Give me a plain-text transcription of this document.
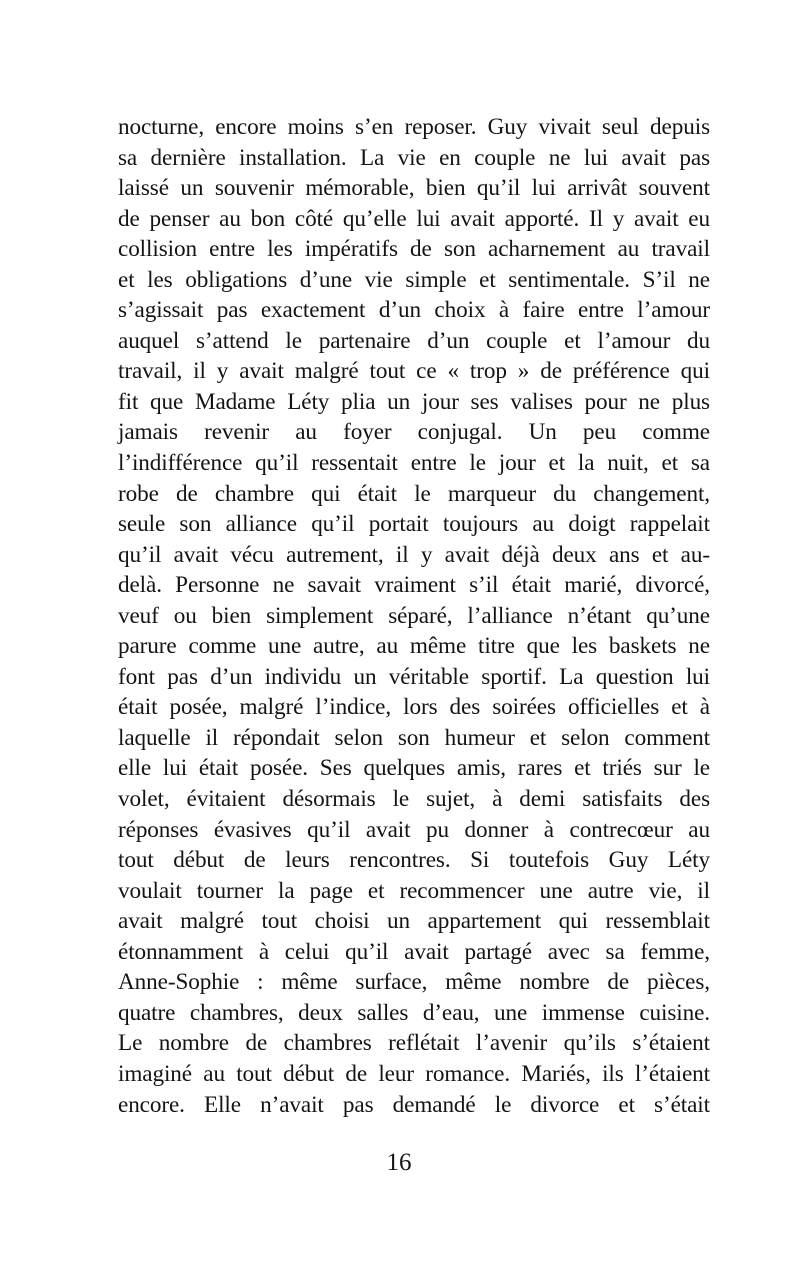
nocturne, encore moins s’en reposer. Guy vivait seul depuis
sa dernière installation. La vie en couple ne lui avait pas
laissé un souvenir mémorable, bien qu’il lui arrivât souvent
de penser au bon côté qu’elle lui avait apporté. Il y avait eu
collision entre les impératifs de son acharnement au travail
et les obligations d’une vie simple et sentimentale. S’il ne
s’agissait pas exactement d’un choix à faire entre l’amour
auquel s’attend le partenaire d’un couple et l’amour du
travail, il y avait malgré tout ce « trop » de préférence qui
fit que Madame Léty plia un jour ses valises pour ne plus
jamais revenir au foyer conjugal. Un peu comme
l’indifférence qu’il ressentait entre le jour et la nuit, et sa
robe de chambre qui était le marqueur du changement,
seule son alliance qu’il portait toujours au doigt rappelait
qu’il avait vécu autrement, il y avait déjà deux ans et au-
delà. Personne ne savait vraiment s’il était marié, divorcé,
veuf ou bien simplement séparé, l’alliance n’étant qu’une
parure comme une autre, au même titre que les baskets ne
font pas d’un individu un véritable sportif. La question lui
était posée, malgré l’indice, lors des soirées officielles et à
laquelle il répondait selon son humeur et selon comment
elle lui était posée. Ses quelques amis, rares et triés sur le
volet, évitaient désormais le sujet, à demi satisfaits des
réponses évasives qu’il avait pu donner à contrecœur au
tout début de leurs rencontres. Si toutefois Guy Léty
voulait tourner la page et recommencer une autre vie, il
avait malgré tout choisi un appartement qui ressemblait
étonnamment à celui qu’il avait partagé avec sa femme,
Anne-Sophie : même surface, même nombre de pièces,
quatre chambres, deux salles d’eau, une immense cuisine.
Le nombre de chambres reflétait l’avenir qu’ils s’étaient
imaginé au tout début de leur romance. Mariés, ils l’étaient
encore. Elle n’avait pas demandé le divorce et s’était
16
